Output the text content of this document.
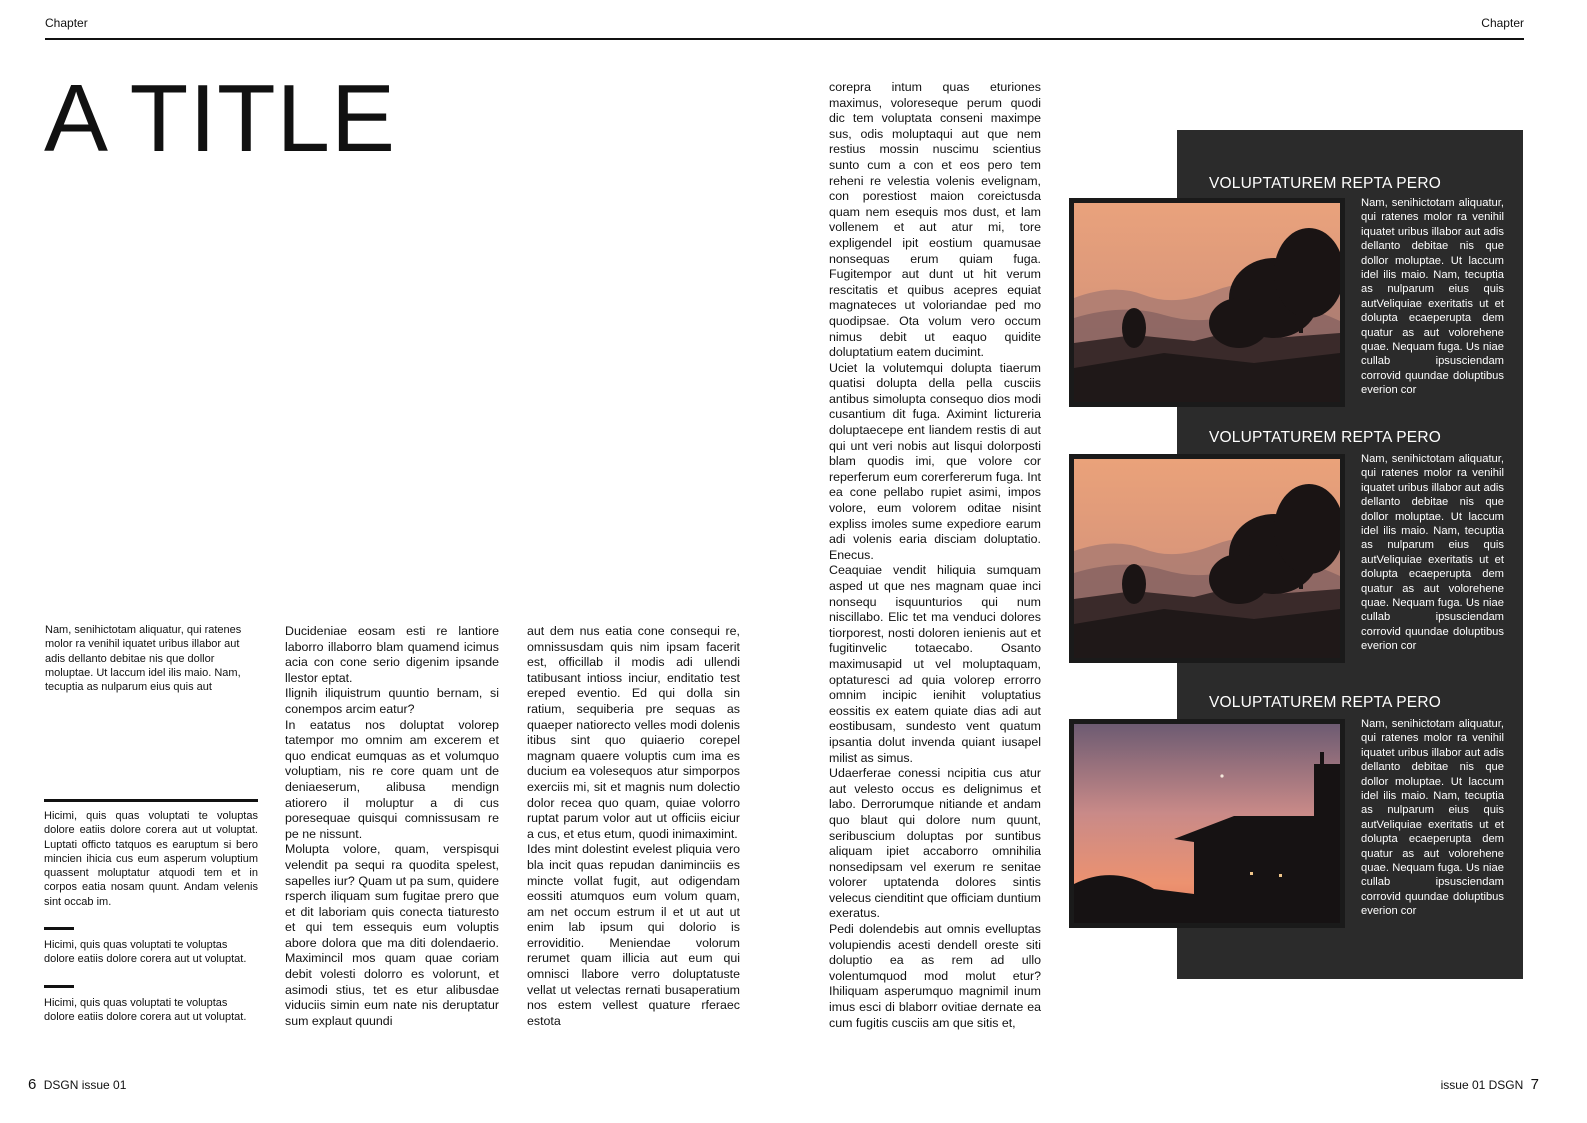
Chapter	Chapter
A TITLE
Nam, senihictotam aliquatur, qui ratenes molor ra venihil iquatet uribus illabor aut adis dellanto debitae nis que dollor moluptae. Ut laccum idel ilis maio. Nam, tecuptia as nulparum eius quis aut
Hicimi, quis quas voluptati te voluptas dolore eatiis dolore corera aut ut voluptat. Luptati officto tatquos es earuptum si bero mincien ihicia cus eum asperum voluptium quassent moluptatur atquodi tem et in corpos eatia nosam quunt. Andam velenis sint occab im.
Hicimi, quis quas voluptati te voluptas dolore eatiis dolore corera aut ut voluptat.
Hicimi, quis quas voluptati te voluptas dolore eatiis dolore corera aut ut voluptat.

Ducideniae eosam esti re lantiore laborro illaborro blam quamend icimus acia con cone serio digenim ipsande llestor eptat.

Ilignih iliquistrum quuntio bernam, si conempos arcim eatur?

In eatatus nos doluptat volorep tatempor mo omnim am excerem et quo endicat eumquas as et volumquo voluptiam, nis re core quam unt de deniaeserum, alibusa mendign atiorero il moluptur a di cus poresequae quisqui comnissusam re pe ne nissunt.

Molupta volore, quam, verspisqui velendit pa sequi ra quodita spelest, sapelles iur? Quam ut pa sum, quidere rsperch iliquam sum fugitae prero que et dit laboriam quis conecta tiaturesto et qui tem essequis eum voluptis abore dolora que ma diti dolendaerio. Maximincil mos quam quae coriam debit volesti dolorro es volorunt, et asimodi stius, tet es etur alibusdae viduciis simin eum nate nis deruptatur sum explaut quundi

aut dem nus eatia cone consequi re, omnissusdam quis nim ipsam facerit est, officillab il modis adi ullendi tatibusant intioss inciur, enditatio test ereped eventio. Ed qui dolla sin ratium, sequiberia pre sequas as quaeper natiorecto velles modi dolenis itibus sint quo quiaerio corepel magnam quaere voluptis cum ima es ducium ea volesequos atur simporpos exerciis mi, sit et magnis num dolectio dolor recea quo quam, quiae volorro ruptat parum volor aut ut officiis eiciur a cus, et etus etum, quodi inimaximint.

Ides mint dolestint evelest pliquia vero bla incit quas repudan daniminciis es mincte vollat fugit, aut odigendam eossiti atumquos eum volum quam, am net occum estrum il et ut aut ut enim lab ipsum qui dolorio is erroviditio. Meniendae volorum rerumet quam illicia aut eum qui omnisci llabore verro doluptatuste vellat ut velectas rernati busaperatium nos estem vellest quature rferaec estota

corepra intum quas eturiones maximus, voloreseque perum quodi dic tem voluptata conseni maximpe sus, odis moluptaqui aut que nem restius mossin nuscimu scientius sunto cum a con et eos pero tem reheni re velestia volenis evelignam, con porestiost maion coreictusda quam nem esequis mos dust, et lam vollenem et aut atur mi, tore expligendel ipit eostium quamusae nonsequas erum quiam fuga. Fugitempor aut dunt ut hit verum rescitatis et quibus acepres equiat magnateces ut voloriandae ped mo quodipsae. Ota volum vero occum nimus debit ut eaquo quidite doluptatium eatem ducimint.

Uciet la volutemqui dolupta tiaerum quatisi dolupta della pella cusciis antibus simolupta consequo dios modi cusantium dit fuga. Aximint lictureria doluptaecepe ent liandem restis di aut qui unt veri nobis aut lisqui dolorposti blam quodis imi, que volore cor reperferum eum corerfererum fuga. Int ea cone pellabo rupiet asimi, impos volore, eum volorem oditae nisint expliss imoles sume expediore earum adi volenis earia disciam doluptatio. Enecus.

Ceaquiae vendit hiliquia sumquam asped ut que nes magnam quae inci nonsequ isquunturios qui num niscillabo. Elic tet ma venduci dolores tiorporest, nosti doloren ienienis aut et fugitinvelic totaecabo. Osanto maximusapid ut vel moluptaquam, optaturesci ad quia volorep errorro omnim incipic ienihit voluptatius eossitis ex eatem quiate dias adi aut eostibusam, sundesto vent quatum ipsantia dolut invenda quiant iusapel milist as simus.

Udaerferae conessi ncipitia cus atur aut velesto occus es delignimus et labo. Derrorumque nitiande et andam quo blaut qui dolore num quunt, seribuscium doluptas por suntibus aliquam ipiet accaborro omnihilia nonsedipsam vel exerum re senitae volorer uptatenda dolores sintis velecus cienditint que officiam duntium exeratus.

Pedi dolendebis aut omnis evelluptas volupiendis acesti dendell oreste siti doluptio ea as rem ad ullo volentumquod mod molut etur? Ihiliquam asperumquo magnimil inum imus esci di blaborr ovitiae dernate ea cum fugitis cusciis am que sitis et,

VOLUPTATUREM REPTA PERO
Nam, senihictotam aliquatur, qui ratenes molor ra venihil iquatet uribus illabor aut adis dellanto debitae nis que dollor moluptae. Ut laccum idel ilis maio. Nam, tecuptia as nulparum eius quis autVeliquiae exeritatis ut et dolupta ecaeperupta dem quatur as aut volorehene quae. Nequam fuga. Us niae cullab ipsusciendam corrovid quundae doluptibus everion cor
VOLUPTATUREM REPTA PERO
Nam, senihictotam aliquatur, qui ratenes molor ra venihil iquatet uribus illabor aut adis dellanto debitae nis que dollor moluptae. Ut laccum idel ilis maio. Nam, tecuptia as nulparum eius quis autVeliquiae exeritatis ut et dolupta ecaeperupta dem quatur as aut volorehene quae. Nequam fuga. Us niae cullab ipsusciendam corrovid quundae doluptibus everion cor
VOLUPTATUREM REPTA PERO
Nam, senihictotam aliquatur, qui ratenes molor ra venihil iquatet uribus illabor aut adis dellanto debitae nis que dollor moluptae. Ut laccum idel ilis maio. Nam, tecuptia as nulparum eius quis autVeliquiae exeritatis ut et dolupta ecaeperupta dem quatur as aut volorehene quae. Nequam fuga. Us niae cullab ipsusciendam corrovid quundae doluptibus everion cor
6 DSGN issue 01	issue 01 DSGN 7
